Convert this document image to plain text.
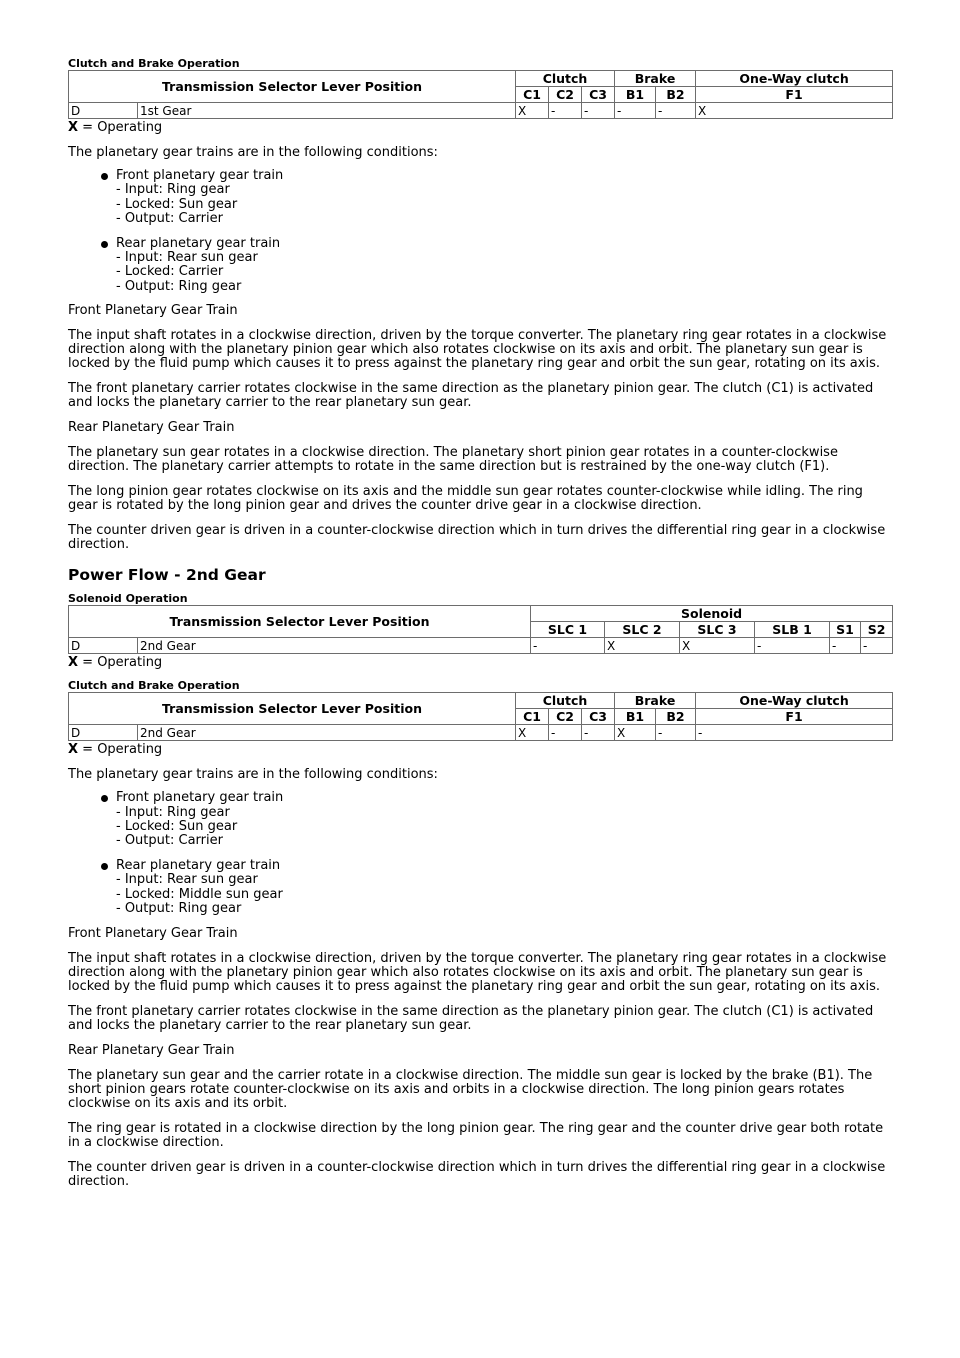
Clutch and Brake Operation
Transmission Selector Lever Position		Clutch			Brake		One-Way clutch
		C1	C2	C3	B1	B2	F1
D	1st Gear	X	-	-	-	-	X
X = Operating

The planetary gear trains are in the following conditions:

Front planetary gear train
- Input: Ring gear
- Locked: Sun gear
- Output: Carrier
Rear planetary gear train
- Input: Rear sun gear
- Locked: Carrier
- Output: Ring gear

Front Planetary Gear Train

The input shaft rotates in a clockwise direction, driven by the torque converter. The planetary ring gear rotates in a clockwise direction along with the planetary pinion gear which also rotates clockwise on its axis and orbit. The planetary sun gear is locked by the fluid pump which causes it to press against the planetary ring gear and orbit the sun gear, rotating on its axis.

The front planetary carrier rotates clockwise in the same direction as the planetary pinion gear. The clutch (C1) is activated and locks the planetary carrier to the rear planetary sun gear.

Rear Planetary Gear Train

The planetary sun gear rotates in a clockwise direction. The planetary short pinion gear rotates in a counter-clockwise direction. The planetary carrier attempts to rotate in the same direction but is restrained by the one-way clutch (F1).

The long pinion gear rotates clockwise on its axis and the middle sun gear rotates counter-clockwise while idling. The ring gear is rotated by the long pinion gear and drives the counter drive gear in a clockwise direction.

The counter driven gear is driven in a counter-clockwise direction which in turn drives the differential ring gear in a clockwise direction.

Power Flow - 2nd Gear
Solenoid Operation
Transmission Selector Lever Position		Solenoid					
		SLC 1	SLC 2	SLC 3	SLB 1	S1	S2
D	2nd Gear	-	X	X	-	-	-
X = Operating
Clutch and Brake Operation
Transmission Selector Lever Position		Clutch			Brake		One-Way clutch
		C1	C2	C3	B1	B2	F1
D	2nd Gear	X	-	-	X	-	-
X = Operating

The planetary gear trains are in the following conditions:

Front planetary gear train
- Input: Ring gear
- Locked: Sun gear
- Output: Carrier
Rear planetary gear train
- Input: Rear sun gear
- Locked: Middle sun gear
- Output: Ring gear

Front Planetary Gear Train

The input shaft rotates in a clockwise direction, driven by the torque converter. The planetary ring gear rotates in a clockwise direction along with the planetary pinion gear which also rotates clockwise on its axis and orbit. The planetary sun gear is locked by the fluid pump which causes it to press against the planetary ring gear and orbit the sun gear, rotating on its axis.

The front planetary carrier rotates clockwise in the same direction as the planetary pinion gear. The clutch (C1) is activated and locks the planetary carrier to the rear planetary sun gear.

Rear Planetary Gear Train

The planetary sun gear and the carrier rotate in a clockwise direction. The middle sun gear is locked by the brake (B1). The short pinion gears rotate counter-clockwise on its axis and orbits in a clockwise direction. The long pinion gears rotates clockwise on its axis and its orbit.

The ring gear is rotated in a clockwise direction by the long pinion gear. The ring gear and the counter drive gear both rotate in a clockwise direction.

The counter driven gear is driven in a counter-clockwise direction which in turn drives the differential ring gear in a clockwise direction.
